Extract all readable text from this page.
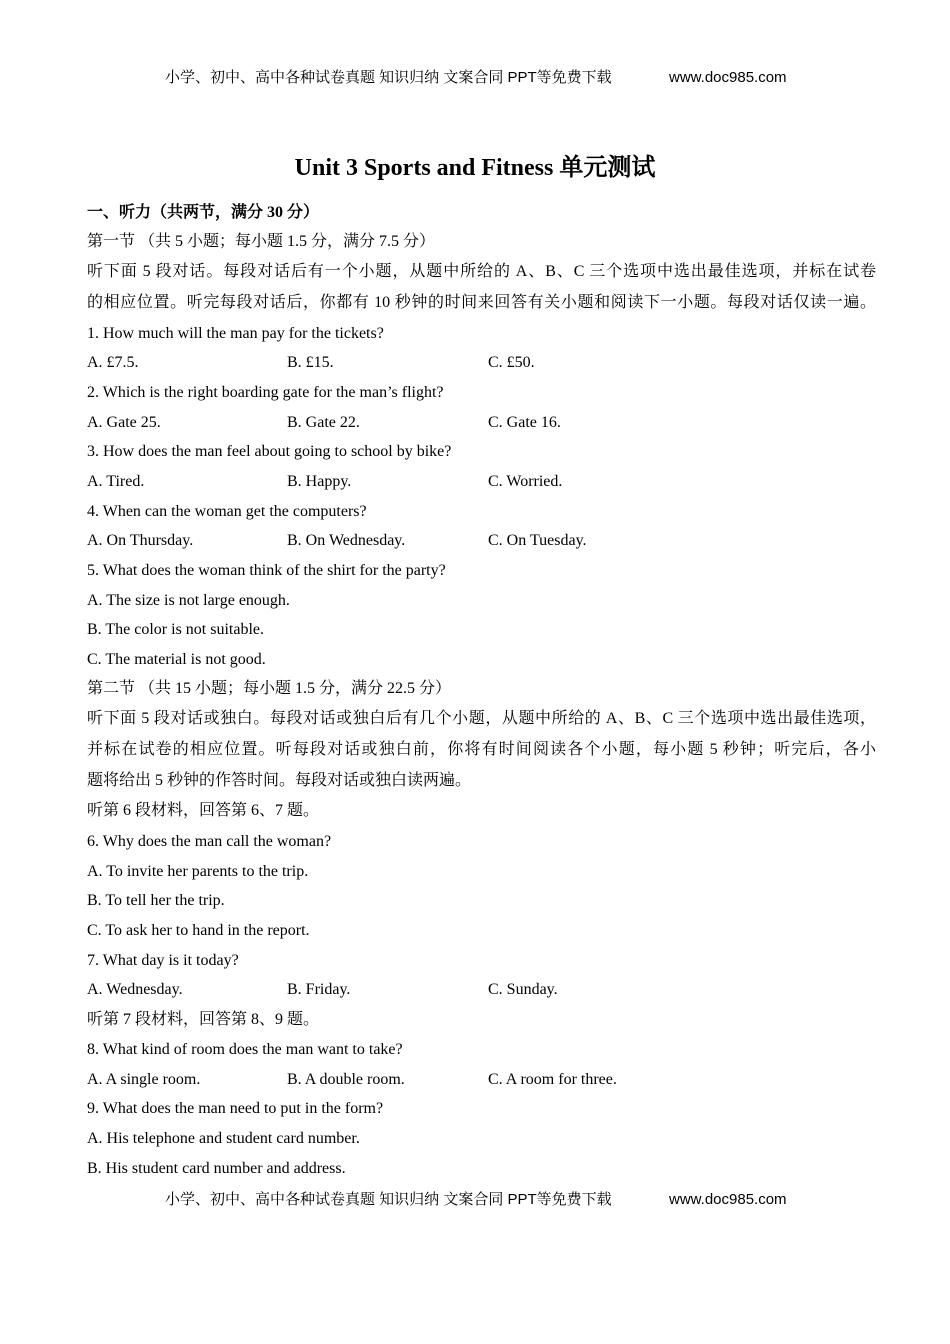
小学、初中、高中各种试卷真题 知识归纳 文案合同 PPT等免费下载	www.doc985.com
Unit 3 Sports and Fitness 单元测试
一、听力（共两节，满分 30 分）
第一节 （共 5 小题；每小题 1.5 分，满分 7.5 分）
听下面 5 段对话。每段对话后有一个小题，从题中所给的 A、B、C 三个选项中选出最佳选项，并标在试卷
的相应位置。听完每段对话后，你都有 10 秒钟的时间来回答有关小题和阅读下一小题。每段对话仅读一遍。
1. How much will the man pay for the tickets?
A. £7.5.	B. £15.	C. £50.
2. Which is the right boarding gate for the man’s flight?
A. Gate 25.	B. Gate 22.	C. Gate 16.
3. How does the man feel about going to school by bike?
A. Tired.	B. Happy.	C. Worried.
4. When can the woman get the computers?
A. On Thursday.	B. On Wednesday.	C. On Tuesday.
5. What does the woman think of the shirt for the party?
A. The size is not large enough.
B. The color is not suitable.
C. The material is not good.
第二节 （共 15 小题；每小题 1.5 分，满分 22.5 分）
听下面 5 段对话或独白。每段对话或独白后有几个小题，从题中所给的 A、B、C 三个选项中选出最佳选项，
并标在试卷的相应位置。听每段对话或独白前，你将有时间阅读各个小题，每小题 5 秒钟；听完后，各小
题将给出 5 秒钟的作答时间。每段对话或独白读两遍。
听第 6 段材料，回答第 6、7 题。
6. Why does the man call the woman?
A. To invite her parents to the trip.
B. To tell her the trip.
C. To ask her to hand in the report.
7. What day is it today?
A. Wednesday.	B. Friday.	C. Sunday.
听第 7 段材料，回答第 8、9 题。
8. What kind of room does the man want to take?
A. A single room.	B. A double room.	C. A room for three.
9. What does the man need to put in the form?
A. His telephone and student card number.
B. His student card number and address.
小学、初中、高中各种试卷真题 知识归纳 文案合同 PPT等免费下载	www.doc985.com
